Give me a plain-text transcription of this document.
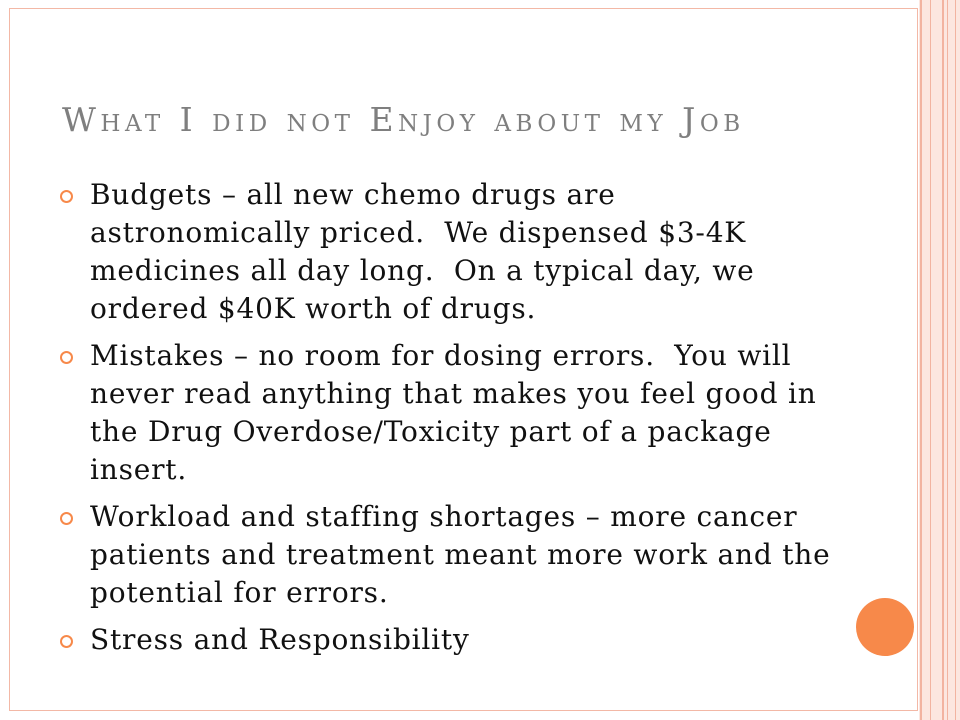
What I did not Enjoy about my Job
Budgets – all new chemo drugs are
astronomically priced.  We dispensed $3-4K
medicines all day long.  On a typical day, we
ordered $40K worth of drugs.
Mistakes – no room for dosing errors.  You will
never read anything that makes you feel good in
the Drug Overdose/Toxicity part of a package
insert.
Workload and staffing shortages – more cancer
patients and treatment meant more work and the
potential for errors.
Stress and Responsibility
